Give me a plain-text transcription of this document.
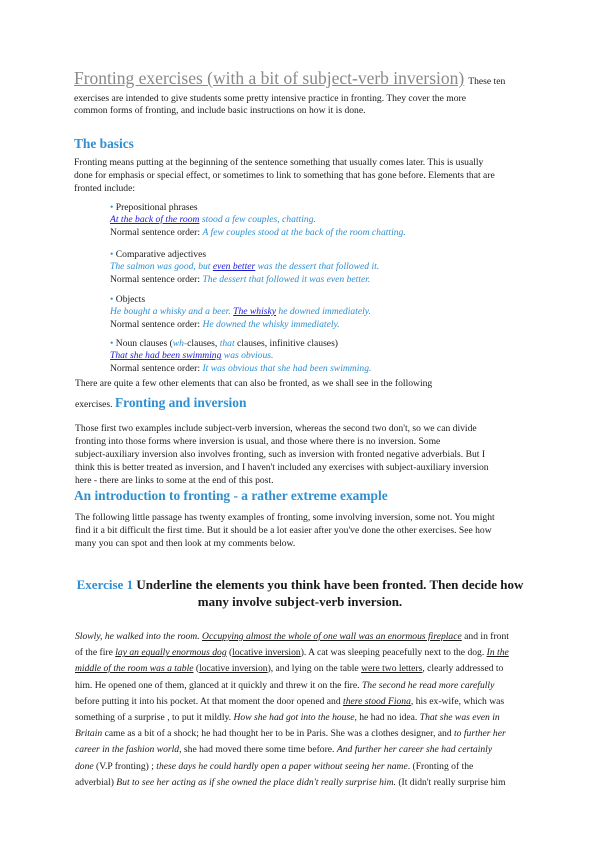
Fronting exercises (with a bit of subject-verb inversion) These ten
exercises are intended to give students some pretty intensive practice in fronting. They cover the more
common forms of fronting, and include basic instructions on how it is done.
The basics
Fronting means putting at the beginning of the sentence something that usually comes later. This is usually
done for emphasis or special effect, or sometimes to link to something that has gone before. Elements that are
fronted include:
• Prepositional phrases
At the back of the room stood a few couples, chatting.
Normal sentence order: A few couples stood at the back of the room chatting.
• Comparative adjectives
The salmon was good, but even better was the dessert that followed it.
Normal sentence order: The dessert that followed it was even better.
• Objects
He bought a whisky and a beer. The whisky he downed immediately.
Normal sentence order: He downed the whisky immediately.
• Noun clauses (wh-clauses, that clauses, infinitive clauses)
That she had been swimming was obvious.
Normal sentence order: It was obvious that she had been swimming.
There are quite a few other elements that can also be fronted, as we shall see in the following
exercises. Fronting and inversion
Those first two examples include subject-verb inversion, whereas the second two don't, so we can divide
fronting into those forms where inversion is usual, and those where there is no inversion. Some
subject-auxiliary inversion also involves fronting, such as inversion with fronted negative adverbials. But I
think this is better treated as inversion, and I haven't included any exercises with subject-auxiliary inversion
here - there are links to some at the end of this post.
An introduction to fronting - a rather extreme example
The following little passage has twenty examples of fronting, some involving inversion, some not. You might
find it a bit difficult the first time. But it should be a lot easier after you've done the other exercises. See how
many you can spot and then look at my comments below.
Exercise 1 Underline the elements you think have been fronted. Then decide how
many involve subject-verb inversion.
Slowly, he walked into the room. Occupying almost the whole of one wall was an enormous fireplace and in front
of the fire lay an equally enormous dog (locative inversion). A cat was sleeping peacefully next to the dog. In the
middle of the room was a table (locative inversion), and lying on the table were two letters, clearly addressed to
him. He opened one of them, glanced at it quickly and threw it on the fire. The second he read more carefully
before putting it into his pocket. At that moment the door opened and there stood Fiona, his ex-wife, which was
something of a surprise , to put it mildly. How she had got into the house, he had no idea. That she was even in
Britain came as a bit of a shock; he had thought her to be in Paris. She was a clothes designer, and to further her
career in the fashion world, she had moved there some time before. And further her career she had certainly
done (V.P fronting) ; these days he could hardly open a paper without seeing her name. (Fronting of the
adverbial) But to see her acting as if she owned the place didn't really surprise him. (It didn't really surprise him
